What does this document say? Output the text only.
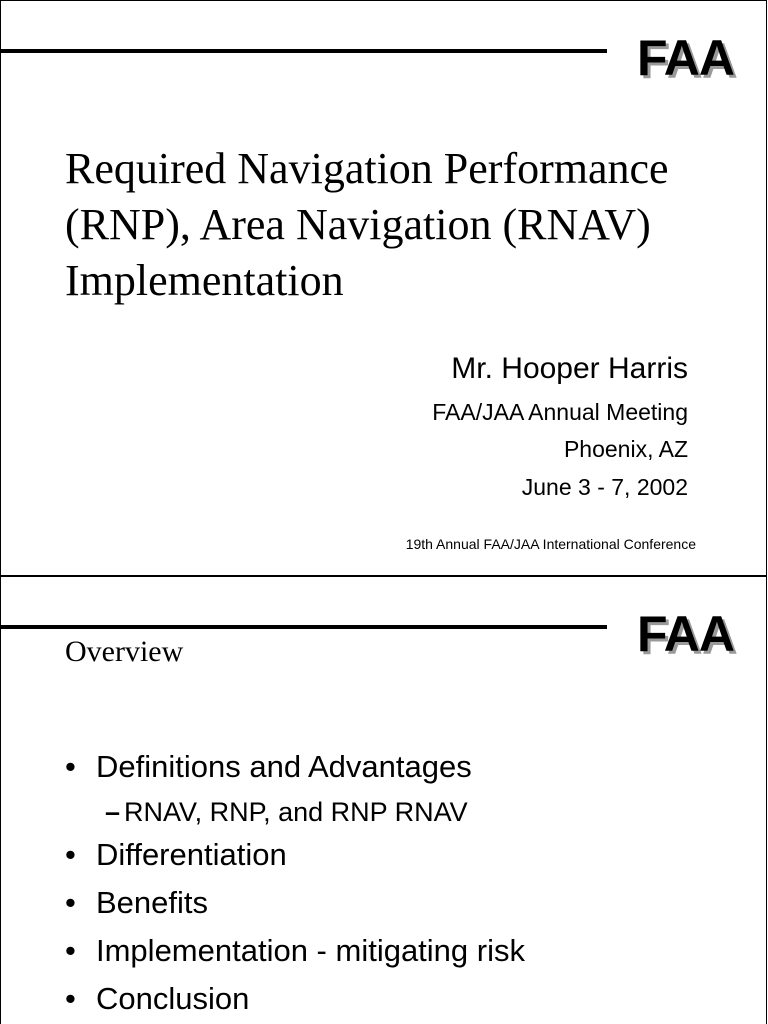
FAA
Required Navigation Performance
(RNP), Area Navigation (RNAV)
Implementation
Mr. Hooper Harris
FAA/JAA Annual Meeting
Phoenix, AZ
June 3 - 7, 2002
19th Annual FAA/JAA International Conference
FAA
Overview
• Definitions and Advantages
– RNAV, RNP, and RNP RNAV
• Differentiation
• Benefits
• Implementation - mitigating risk
• Conclusion
